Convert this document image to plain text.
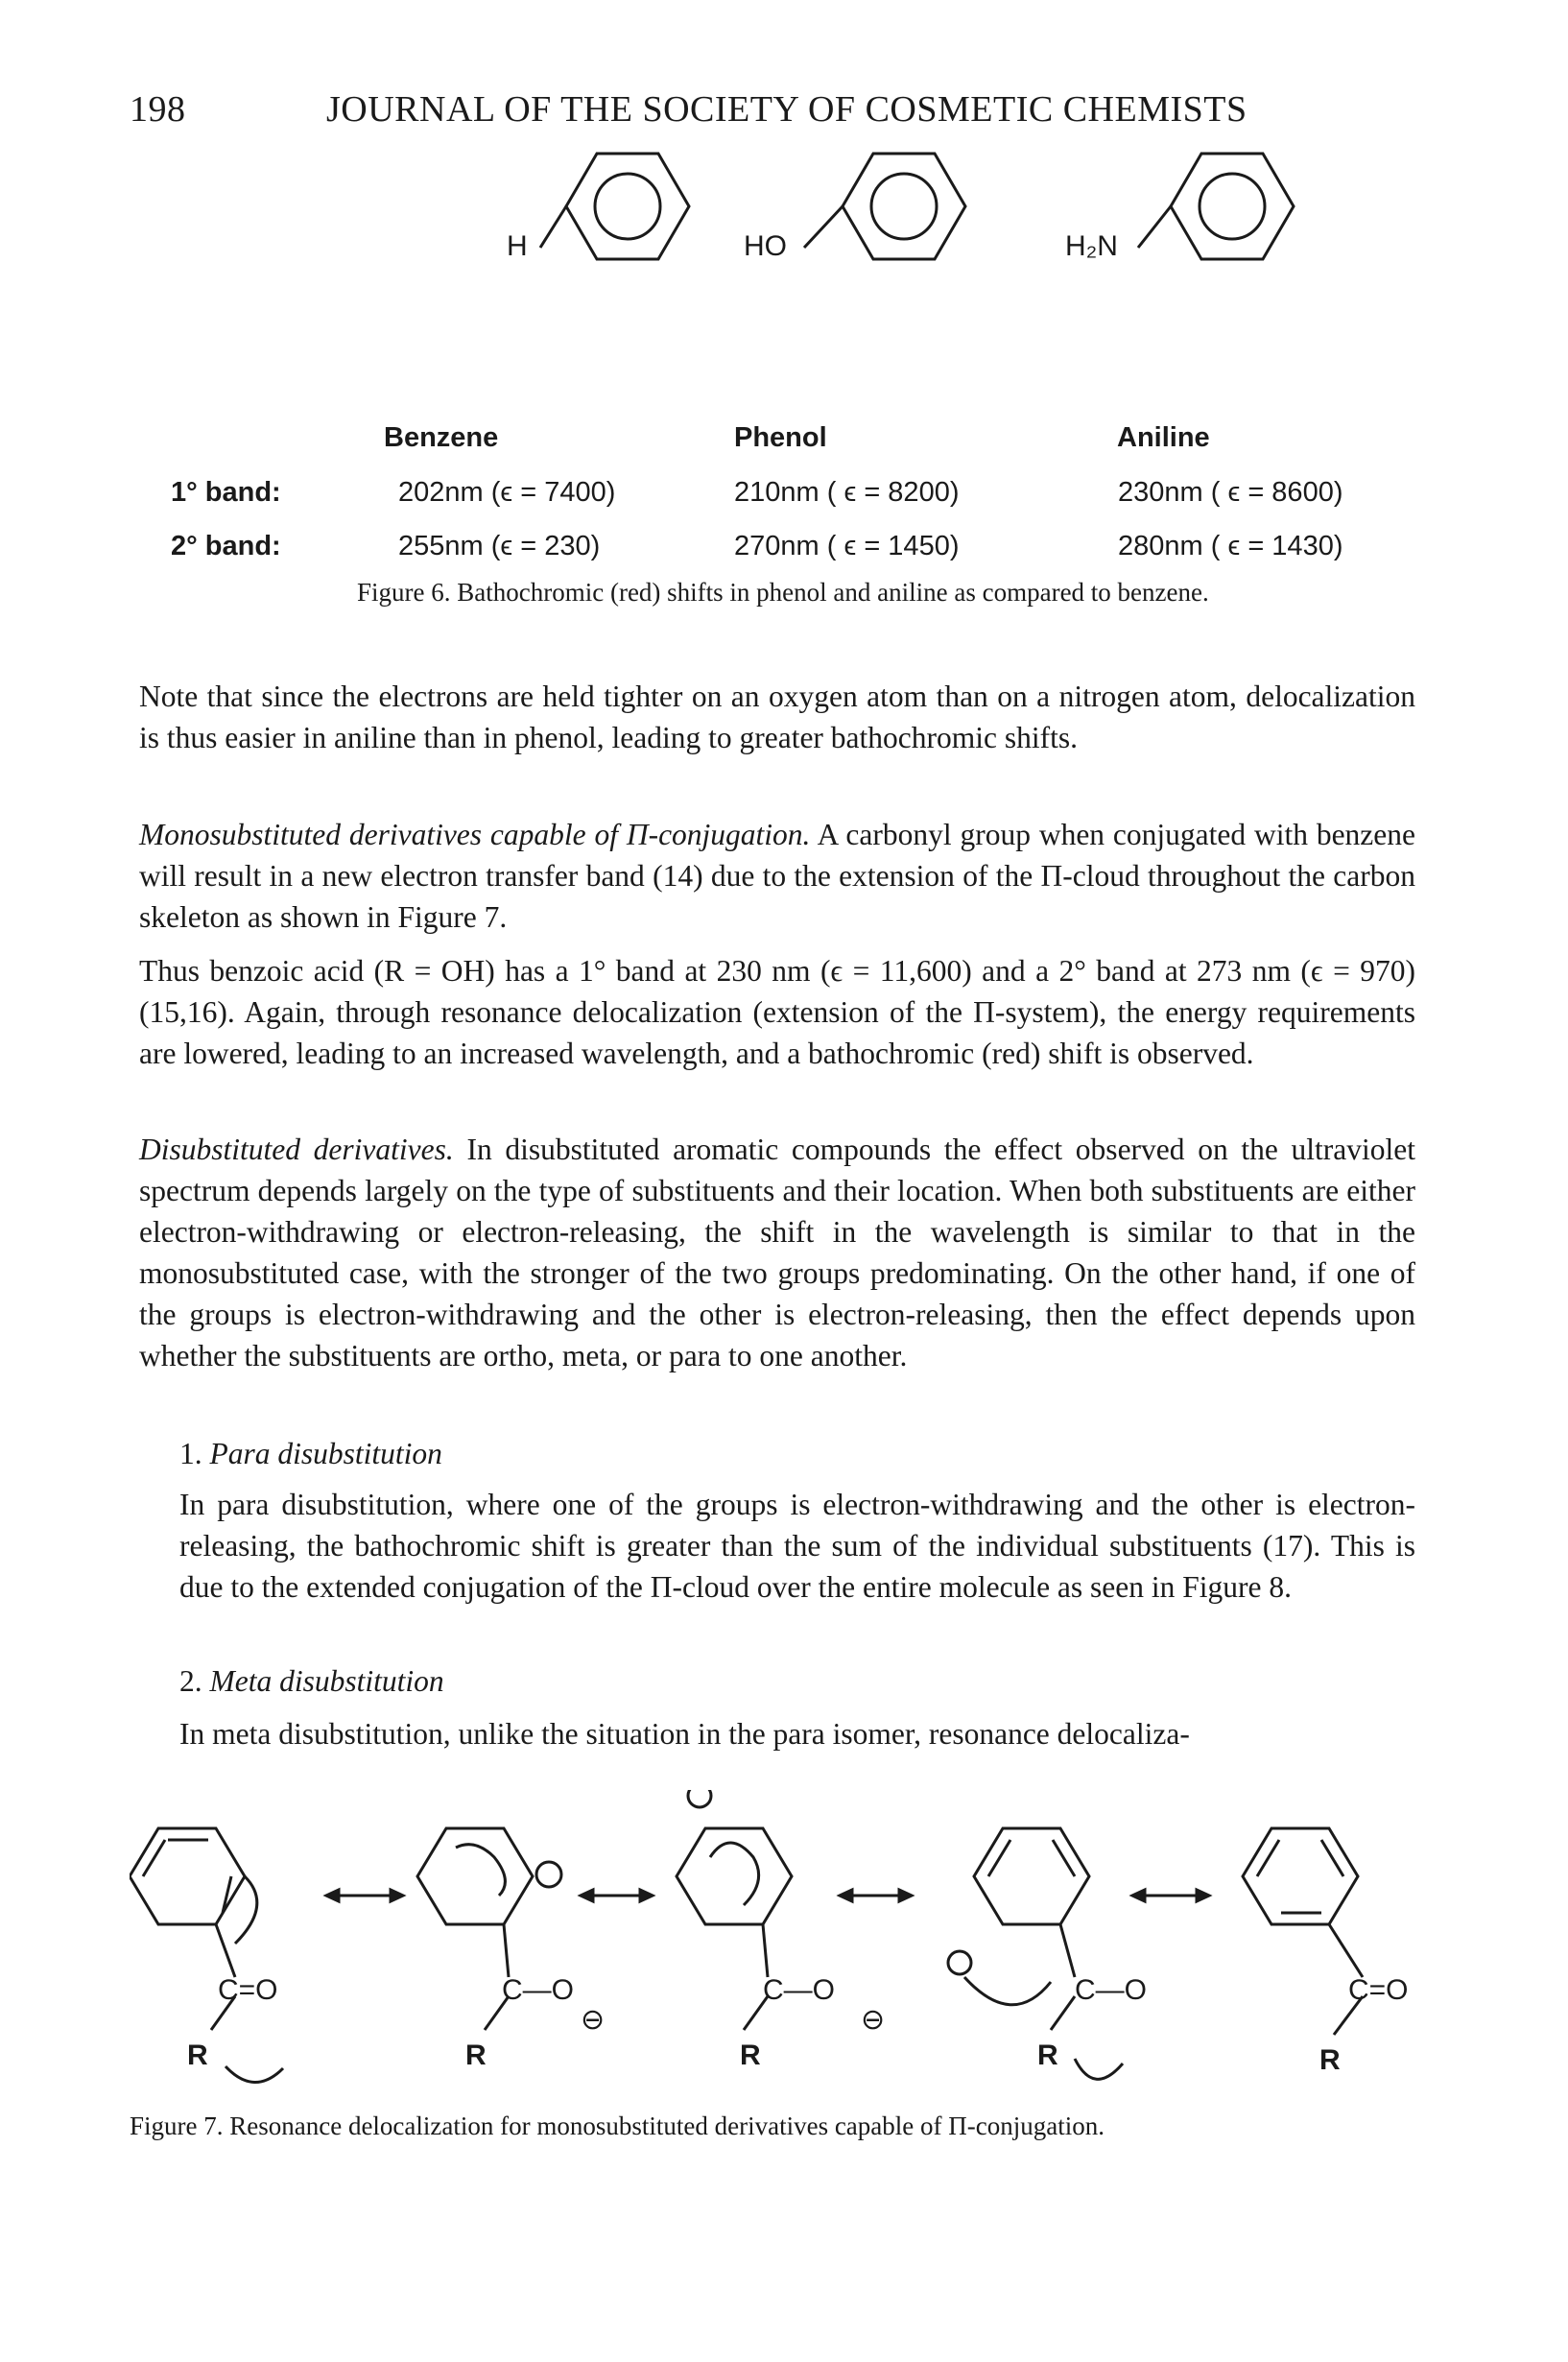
198	JOURNAL OF THE SOCIETY OF COSMETIC CHEMISTS
H	HO	H₂N
Benzene	Phenol	Aniline
1° band:	202nm (ϵ = 7400)	210nm ( ϵ = 8200)	230nm ( ϵ = 8600)
2° band:	255nm (ϵ = 230)	270nm ( ϵ = 1450)	280nm ( ϵ = 1430)
Figure 6. Bathochromic (red) shifts in phenol and aniline as compared to benzene.
Note that since the electrons are held tighter on an oxygen atom than on a nitrogen atom, delocalization is thus easier in aniline than in phenol, leading to greater bathochromic shifts.
Monosubstituted derivatives capable of Π-conjugation. A carbonyl group when conjugated with benzene will result in a new electron transfer band (14) due to the extension of the Π-cloud throughout the carbon skeleton as shown in Figure 7.
Thus benzoic acid (R = OH) has a 1° band at 230 nm (ϵ = 11,600) and a 2° band at 273 nm (ϵ = 970) (15,16). Again, through resonance delocalization (extension of the Π-system), the energy requirements are lowered, leading to an increased wavelength, and a bathochromic (red) shift is observed.
Disubstituted derivatives. In disubstituted aromatic compounds the effect observed on the ultraviolet spectrum depends largely on the type of substituents and their location. When both substituents are either electron-withdrawing or electron-releasing, the shift in the wavelength is similar to that in the monosubstituted case, with the stronger of the two groups predominating. On the other hand, if one of the groups is electron-withdrawing and the other is electron-releasing, then the effect depends upon whether the substituents are ortho, meta, or para to one another.
1. Para disubstitution
In para disubstitution, where one of the groups is electron-withdrawing and the other is electron-releasing, the bathochromic shift is greater than the sum of the individual substituents (17). This is due to the extended conjugation of the Π-cloud over the entire molecule as seen in Figure 8.
2. Meta disubstitution
In meta disubstitution, unlike the situation in the para isomer, resonance delocaliza-
C=O
R
C—O
R
⊖
C—O
R
⊖
C—O
R
C=O
R
Figure 7. Resonance delocalization for monosubstituted derivatives capable of Π-conjugation.
